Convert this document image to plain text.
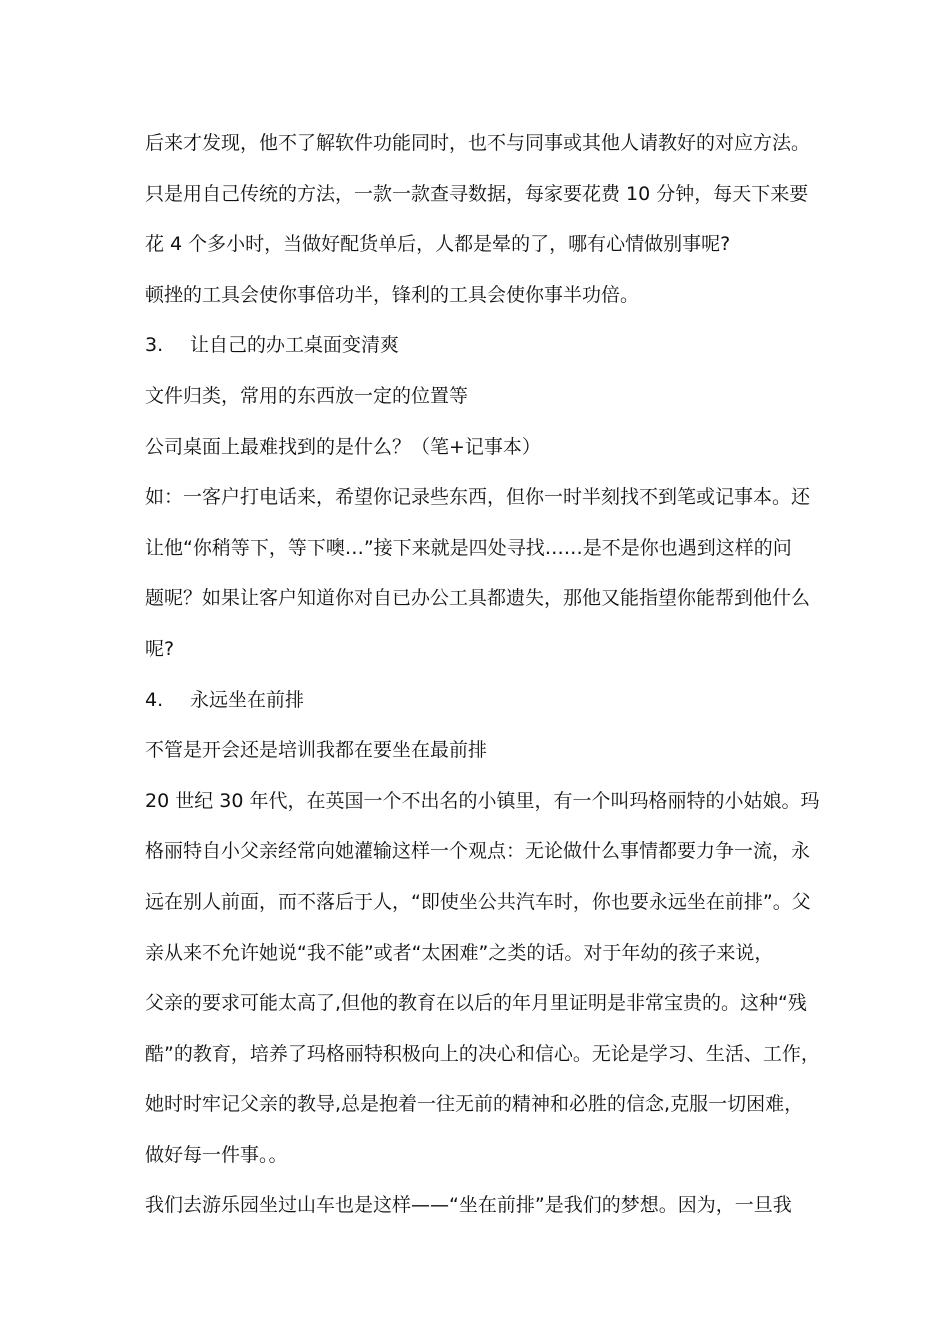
后来才发现，他不了解软件功能同时，也不与同事或其他人请教好的对应方法。
只是用自己传统的方法，一款一款查寻数据，每家要花费 10 分钟，每天下来要
花 4 个多小时，当做好配货单后，人都是晕的了，哪有心情做别事呢?
顿挫的工具会使你事倍功半，锋利的工具会使你事半功倍。
3.	让自己的办工桌面变清爽
文件归类，常用的东西放一定的位置等
公司桌面上最难找到的是什么？（笔+记事本）
如：一客户打电话来，希望你记录些东西，但你一时半刻找不到笔或记事本。还
让他“你稍等下，等下噢…”接下来就是四处寻找……是不是你也遇到这样的问
题呢？如果让客户知道你对自已办公工具都遗失，那他又能指望你能帮到他什么
呢?
4.	永远坐在前排
不管是开会还是培训我都在要坐在最前排
20 世纪 30 年代，在英国一个不出名的小镇里，有一个叫玛格丽特的小姑娘。玛
格丽特自小父亲经常向她灌输这样一个观点：无论做什么事情都要力争一流，永
远在别人前面，而不落后于人，“即使坐公共汽车时，你也要永远坐在前排”。父
亲从来不允许她说“我不能”或者“太困难”之类的话。对于年幼的孩子来说，
父亲的要求可能太高了,但他的教育在以后的年月里证明是非常宝贵的。这种“残
酷”的教育，培养了玛格丽特积极向上的决心和信心。无论是学习、生活、工作，
她时时牢记父亲的教导,总是抱着一往无前的精神和必胜的信念,克服一切困难，
做好每一件事。。
我们去游乐园坐过山车也是这样——“坐在前排”是我们的梦想。因为，一旦我
